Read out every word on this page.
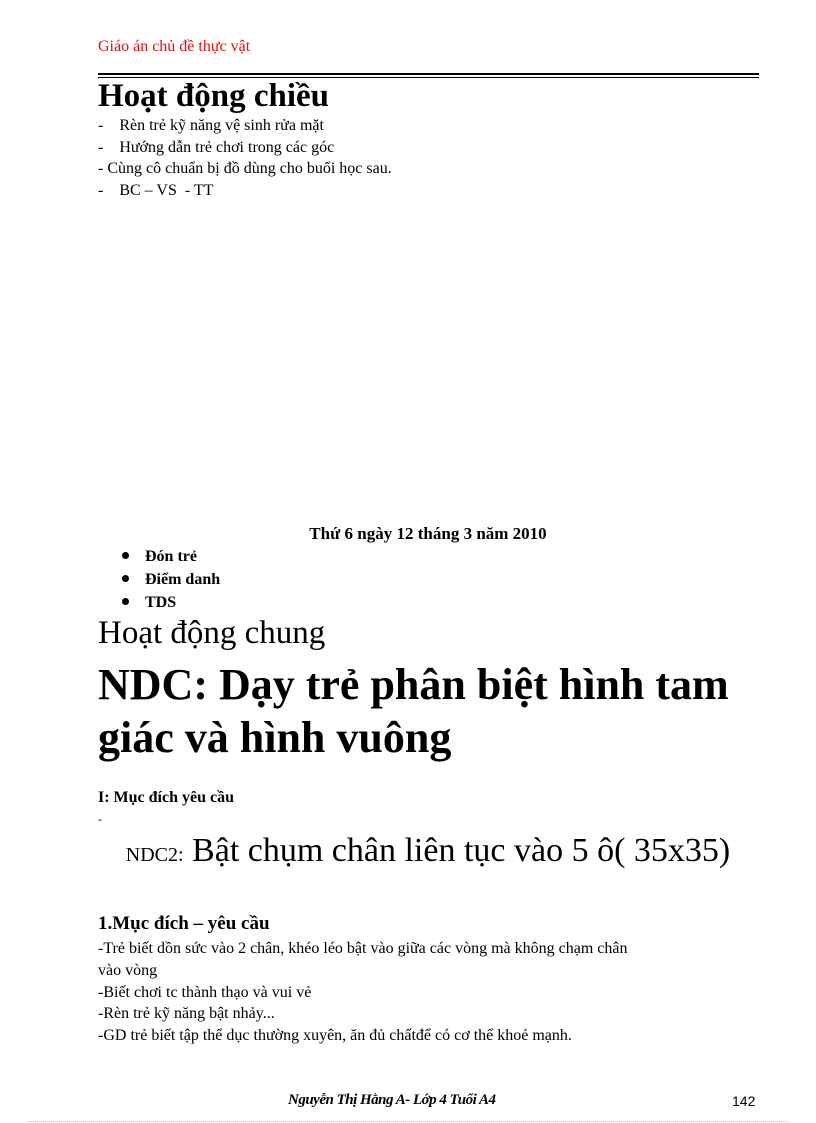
Giáo án chủ đề thực vật
Hoạt động chiều
-    Rèn trẻ kỹ năng vệ sinh rửa mặt
-    Hướng dẫn trẻ chơi trong các góc
- Cùng cô chuẩn bị đồ dùng cho buổi học sau.
-    BC – VS  - TT
Thứ 6 ngày 12 tháng 3 năm 2010
Đón trẻ
Điểm danh
TDS
Hoạt động chung
NDC: Dạy trẻ phân biệt hình tam giác và hình vuông
I: Mục đích yêu cầu
-
NDC2: Bật chụm chân liên tục vào 5 ô( 35x35)
1.Mục đích – yêu cầu
-Trẻ biết dồn sức vào 2 chân, khéo léo bật vào giữa các vòng mà không chạm chân
vào vòng
-Biết chơi tc thành thạo và vui vẻ
-Rèn trẻ kỹ năng bật nhảy...
-GD trẻ biết tập thể dục thường xuyên, ăn đủ chấtđể có cơ thể khoẻ mạnh.
Nguyễn Thị Hằng A- Lớp 4 Tuổi A4	142
